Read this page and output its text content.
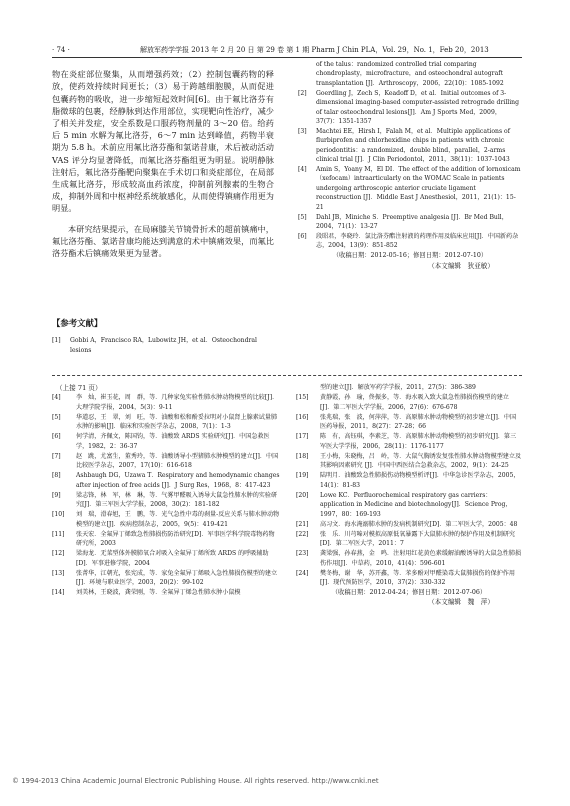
· 74 ·	解放军药学学报 2013 年 2 月 20 日 第 29 卷 第 1 期 Pharm J Chin PLA，Vol. 29，No. 1，Feb 20，2013

物在炎症部位聚集，从而增强药效；（2）控制包囊药物的释放，使药效持续时间更长；（3）易于跨越细胞膜，从而促进包囊药物的吸收，进一步缩短起效时间[6]。由于氟比洛芬有脂微球的包裹，经静脉到达作用部位，实现靶向性治疗，减少了相关并发症，安全系数是口服药物剂量的 3～20 倍。给药后 5 min 水解为氟比洛芬，6～7 min 达到峰值，药物半衰期为 5.8 h。术前应用氟比洛芬酯和氯诺昔康，术后被动活动 VAS 评分均显著降低，而氟比洛芬酯组更为明显。说明静脉注射后，氟比洛芬酯靶向聚集在手术切口和炎症部位，在局部生成氟比洛芬，形成较高血药浓度，抑制前列腺素的生物合成，抑制外周和中枢神经系统敏感化，从而使得镇痛作用更为明显。

本研究结果提示，在局麻膝关节镜骨折术的超前镇痛中，氟比洛芬酯、氯诺昔康均能达到满意的术中镇痛效果，而氟比洛芬酯术后镇痛效果更为显著。

【参考文献】
[1] Gobbi A，Francisco RA，Lubowitz JH，et al．Osteochondral lesions
of the talus：randomized controlled trial comparing chondroplasty，microfracture，and osteochondral autograft transplantation [J]．Arthroscopy，2006，22(10)：1085-1092
[2] Goerdling J，Zech S，Keadoff D，et al．Initial outcomes of 3-dimensional imaging-based computer-assisted retrograde drilling of talar osteochondral lesions[J]．Am J Sports Med，2009，37(7)：1351-1357
[3] Machtei EE，Hirsh I，Falah M，et al．Multiple applications of flurbiprofen and chlorhexidine chips in patients with chronic periodontitis：a randomized，double blind，parallel，2-arms clinical trial [J]．J Clin Periodontol，2011，38(11)：1037-1043
[4] Amin S，Yoany M，El DI．The effect of the addition of lornoxicam（xefocam）intraarticularly on the WOMAC Scale in patients undergoing arthroscopic anterior cruciate ligament reconstruction [J]．Middle East J Anesthesiol，2011，21(1)：15-21
[5] Dahl JB，Miniche S．Preemptive analgesia [J]．Br Med Bull，2004，71(1)：13-27
[6] 段昭君，李晓玲．氯比洛芬酯注射液的药理作用及临床应用[J]．中国新药杂志，2004，13(9)：851-852
（收稿日期：2012-05-16；修回日期：2012-07-10）
（本文编辑　狄亚敏）
（上接 71 页）
[4]	李　灿，崔玉花，周　群，等．几种家兔实验性肺水肿动物模型的比较[J]．大理学院学报，2004，5(3)：9-11
[5]	华道忍，王　翠，刘　旺，等．油酸和松和酚妥拉明对小鼠肾上腺素试量肺水肿的影响[J]．临床和实验医学杂志，2008，7(1)：1-3
[6]	何学清，齐佩文，陈国钧，等．油酸致 ARDS 实验研究[J]．中国急救医学，1982，2：36-37
[7]	赵　跳，尤富生，董秀玲，等．油酸诱导小型猪肺水肿模型的建立[J]．中国比较医学杂志，2007，17(10)：616-618
[8]	Ashbaugh DG，Uzawa T．Respiratory and hemodynamic changes after injection of free acids [J]．J Surg Res，1968，8：417-423
[9]	梁志锋，林　军，林　琳，等．气雾甲醛吸入诱导大鼠急性肺水肿的实验研究[J]．第三军医大学学报，2008，30(2)：181-182
[10] 刘　瑞，滑春旭，王　鹏，等．光气急性中毒的刹量-反应关系与肺水肿动物模型的建立[J]．疾病控制杂志，2005，9(5)：419-421
[11] 张天宏．全氟异丁烯致急性肺损伤防治研究[D]．军事医学科学院毒物药物研究所，2003
[12] 梁海龙．无菜型体外膜肺氧合对吸入全氟异丁烯所致 ARDS 的呼吸辅助[D]．军事进修学院，2004
[13] 张菁华，江朝光，张宪成，等．家兔全氟异丁烯吸入急性肺损伤模型的建立[J]．环境与职业医学，2003，20(2)：99-102
[14] 刘美林，王晓波，龚荣刚，等．全氟异丁烯急性肺水肿小鼠模
型的建立[J]．解放军药学学报，2011，27(5)：386-389
[15] 黄静霞，孙　瑜，佟振多，等．海水吸入致大鼠急性肺损伤模型的建立[J]．第二军医大学学报，2006，27(6)：676-678
[16] 张兆瑞，张　波，何萍萍，等．高原肺水肿动物模型的初步建立[J]．中国医药导报，2011，8(27)：27-28；66
[17] 陈　有，高钰琪，李素芝，等．高原肺水肿动物模型的初步研究[J]．第三军医大学学报，2006，28(11)：1176-1177
[18] 王小梅，朱晓梅，吕　岭，等．大鼠气胸诱发复张性肺水肿动物模型建立及其影响因素研究 [J]．中国中西医结合急救杂志，2002，9(1)：24-25
[19] 陆明月．油酸致急性肺损伤动物模型析评[J]．中华急诊医学杂志，2005，14(1)：81-83
[20] Lowe KC．Perfluorochemical respiratory gas carriers：application in Medicine and biotechnology[J]．Science Prog，1997，80：169-193
[21] 高习文．海水淹溺肺水肿的发病机制研究[D]．第二军医大学，2005：48
[22] 张　乐．川芎嗪对模拟高原低氧暴露下大鼠肺水肿的保护作用及机制研究[D]．第二军医大学，2011：7
[23] 龚梁强，孙春燕，金　鸣．注射用红花黄色素缓解油酸诱导的大鼠急性肺损伤作用[J]．中草药，2010，41(4)：596-601
[24] 樊冬梅，谢　华，苏开鑫，等．苯多酚对甲醛染毒大鼠肺损伤的保护作用[J]．现代预防医学，2010，37(2)：330-332
（收稿日期：2012-04-24；修回日期：2012-07-06）
（本文编辑　魏　萍）
© 1994-2013 China Academic Journal Electronic Publishing House. All rights reserved. http://www.cnki.net
